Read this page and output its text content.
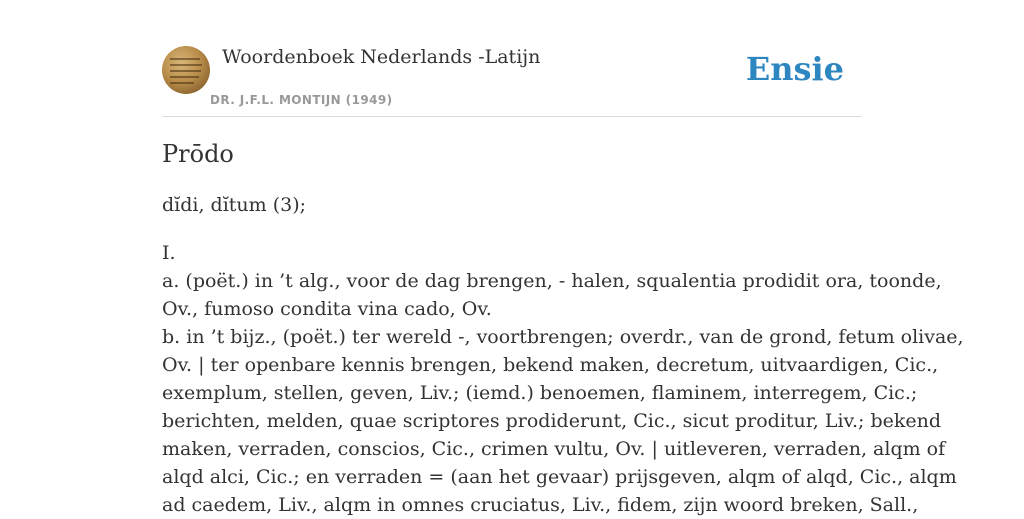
Woordenboek Nederlands -Latijn
DR. J.F.L. MONTIJN (1949)
Ensie
Prōdo
dĭdi, dĭtum (3);
I.
a. (poët.) in ’t alg., voor de dag brengen, - halen, squalentia prodidit ora, toonde,
Ov., fumoso condita vina cado, Ov.
b. in ’t bijz., (poët.) ter wereld -, voortbrengen; overdr., van de grond, fetum olivae,
Ov. | ter openbare kennis brengen, bekend maken, decretum, uitvaardigen, Cic.,
exemplum, stellen, geven, Liv.; (iemd.) benoemen, flaminem, interregem, Cic.;
berichten, melden, quae scriptores prodiderunt, Cic., sicut proditur, Liv.; bekend
maken, verraden, conscios, Cic., crimen vultu, Ov. | uitleveren, verraden, alqm of
alqd alci, Cic.; en verraden = (aan het gevaar) prijsgeven, alqm of alqd, Cic., alqm
ad caedem, Liv., alqm in omnes cruciatus, Liv., fidem, zijn woord breken, Sall.,
